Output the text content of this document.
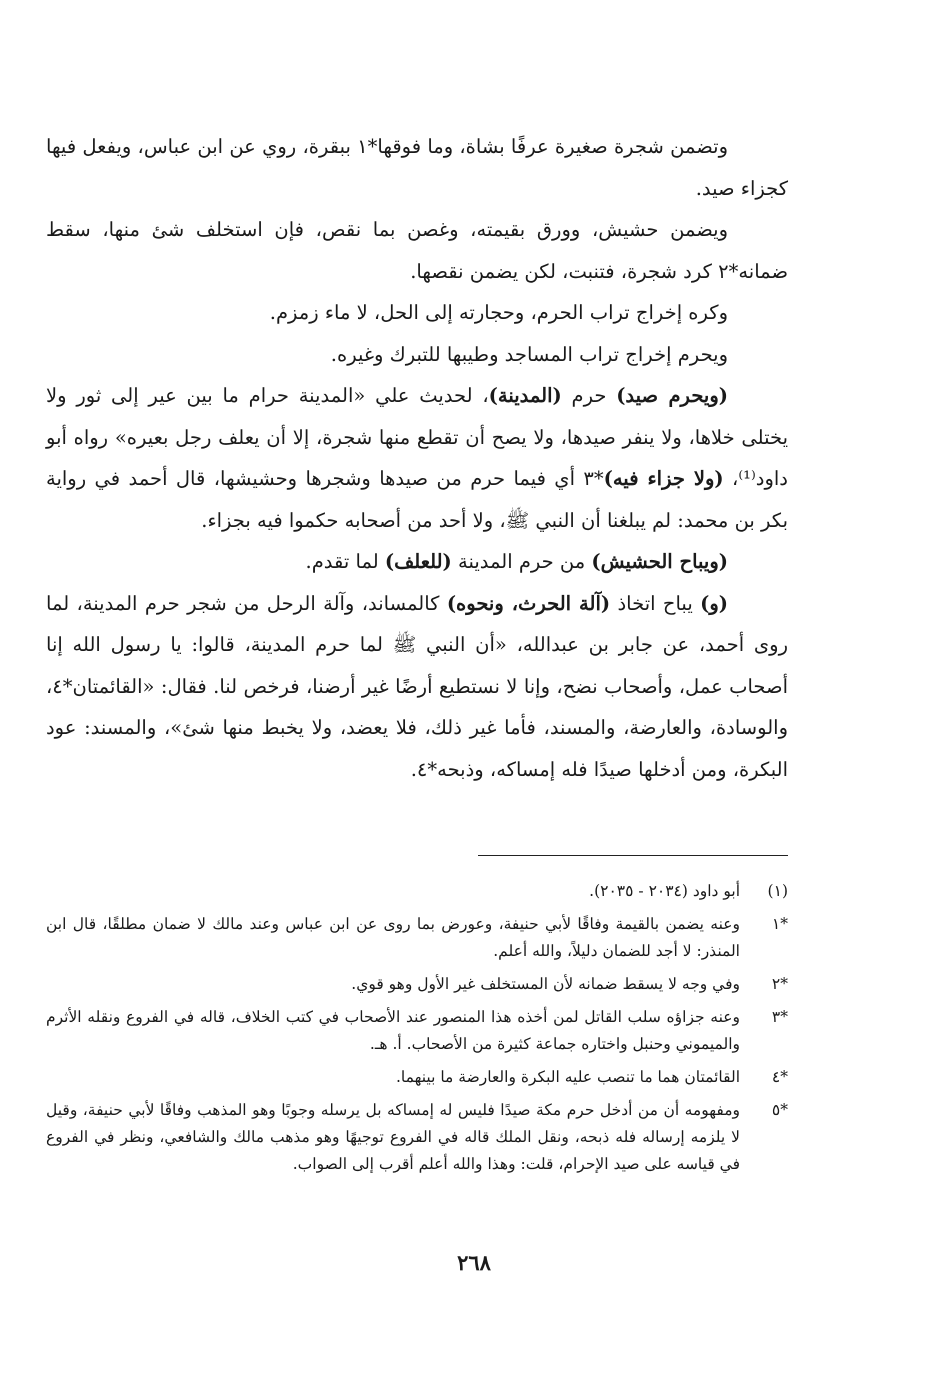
وتضمن شجرة صغيرة عرفًا بشاة، وما فوقها*١ ببقرة، روي عن ابن عباس، ويفعل فيها كجزاء صيد.

ويضمن حشيش، وورق بقيمته، وغصن بما نقص، فإن استخلف شئ منها، سقط ضمانه*٢ كرد شجرة، فتنبت، لكن يضمن نقصها.

وكره إخراج تراب الحرم، وحجارته إلى الحل، لا ماء زمزم.

ويحرم إخراج تراب المساجد وطيبها للتبرك وغيره.

(ويحرم صيد) حرم (المدينة)، لحديث علي «المدينة حرام ما بين عير إلى ثور ولا يختلى خلاها، ولا ينفر صيدها، ولا يصح أن تقطع منها شجرة، إلا أن يعلف رجل بعيره» رواه أبو داود⁽¹⁾، (ولا جزاء فيه)*٣ أي فيما حرم من صيدها وشجرها وحشيشها، قال أحمد في رواية بكر بن محمد: لم يبلغنا أن النبي ﷺ، ولا أحد من أصحابه حكموا فيه بجزاء.

(ويباح الحشيش) من حرم المدينة (للعلف) لما تقدم.

(و) يباح اتخاذ (آلة الحرث، ونحوه) كالمساند، وآلة الرحل من شجر حرم المدينة، لما روى أحمد، عن جابر بن عبدالله، «أن النبي ﷺ لما حرم المدينة، قالوا: يا رسول الله إنا أصحاب عمل، وأصحاب نضح، وإنا لا نستطيع أرضًا غير أرضنا، فرخص لنا. فقال: «القائمتان*٤، والوسادة، والعارضة، والمسند، فأما غير ذلك، فلا يعضد، ولا يخبط منها شئ»، والمسند: عود البكرة، ومن أدخلها صيدًا فله إمساكه، وذبحه*٤.

(١)
أبو داود (٢٠٣٤ - ٢٠٣٥).
*١
وعنه يضمن بالقيمة وفاقًا لأبي حنيفة، وعورض بما روى عن ابن عباس وعند مالك لا ضمان مطلقًا، قال ابن المنذر: لا أجد للضمان دليلاً، والله أعلم.
*٢
وفي وجه لا يسقط ضمانه لأن المستخلف غير الأول وهو قوي.
*٣
وعنه جزاؤه سلب القاتل لمن أخذه هذا المنصور عند الأصحاب في كتب الخلاف، قاله في الفروع ونقله الأثرم والميموني وحنبل واختاره جماعة كثيرة من الأصحاب. أ. هـ.
*٤
القائمتان هما ما تنصب عليه البكرة والعارضة ما بينهما.
*٥
ومفهومه أن من أدخل حرم مكة صيدًا فليس له إمساكه بل يرسله وجوبًا وهو المذهب وفاقًا لأبي حنيفة، وقيل لا يلزمه إرساله فله ذبحه، ونقل الملك قاله في الفروع توجيهًا وهو مذهب مالك والشافعي، ونظر في الفروع في قياسه على صيد الإحرام، قلت: وهذا والله أعلم أقرب إلى الصواب.
٢٦٨
